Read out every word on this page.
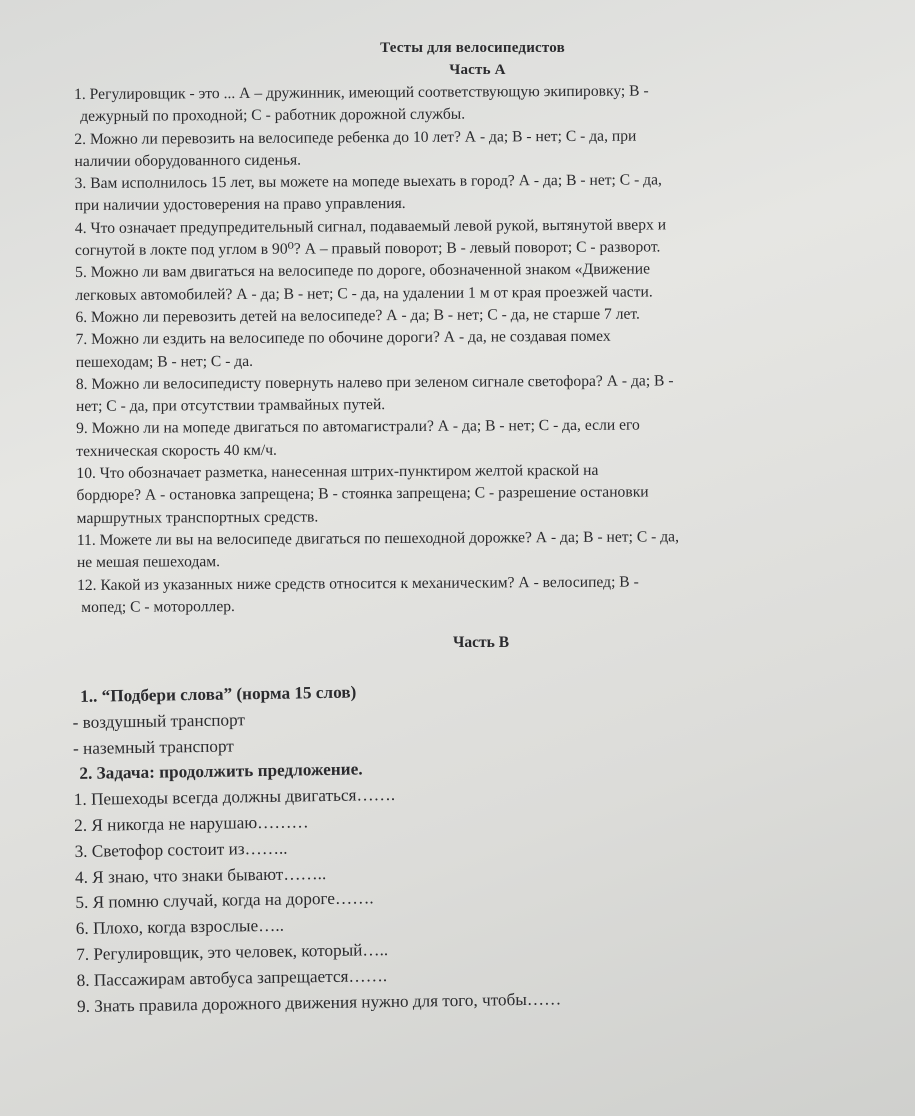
Тесты для велосипедистов
Часть А

1. Регулировщик - это ... А – дружинник, имеющий соответствующую экипировку; В -

дежурный по проходной; С - работник дорожной службы.

2. Можно ли перевозить на велосипеде ребенка до 10 лет? А - да; В - нет; С - да, при

наличии оборудованного сиденья.

3. Вам исполнилось 15 лет, вы можете на мопеде выехать в город? А - да; В - нет; С - да,

при наличии удостоверения на право управления.

4. Что означает предупредительный сигнал, подаваемый левой рукой, вытянутой вверх и

согнутой в локте под углом в 90⁰? А – правый поворот; В - левый поворот; С - разворот.

5. Можно ли вам двигаться на велосипеде по дороге, обозначенной знаком «Движение

легковых автомобилей? А - да; В - нет; С - да, на удалении 1 м от края проезжей части.

6. Можно ли перевозить детей на велосипеде? А - да; В - нет; С - да, не старше 7 лет.

7. Можно ли ездить на велосипеде по обочине дороги? А - да, не создавая помех

пешеходам; В - нет; С - да.

8. Можно ли велосипедисту повернуть налево при зеленом сигнале светофора? А - да; В -

нет; С - да, при отсутствии трамвайных путей.

9. Можно ли на мопеде двигаться по автомагистрали? А - да; В - нет; С - да, если его

техническая скорость 40 км/ч.

10. Что обозначает разметка, нанесенная штрих-пунктиром желтой краской на

бордюре? А - остановка запрещена; В - стоянка запрещена; С - разрешение остановки

маршрутных транспортных средств.

11. Можете ли вы на велосипеде двигаться по пешеходной дорожке? А - да; В - нет; С - да,

не мешая пешеходам.

12. Какой из указанных ниже средств относится к механическим? А - велосипед; В -

мопед; С - мотороллер.

Часть В

1.. “Подбери слова” (норма 15 слов)

- воздушный транспорт

- наземный транспорт

2. Задача: продолжить предложение.

1. Пешеходы всегда должны двигаться…….

2. Я никогда не нарушаю………

3. Светофор состоит из……..

4. Я знаю, что знаки бывают……..

5. Я помню случай, когда на дороге…….

6. Плохо, когда взрослые…..

7. Регулировщик, это человек, который…..

8. Пассажирам автобуса запрещается…….

9. Знать правила дорожного движения нужно для того, чтобы……
